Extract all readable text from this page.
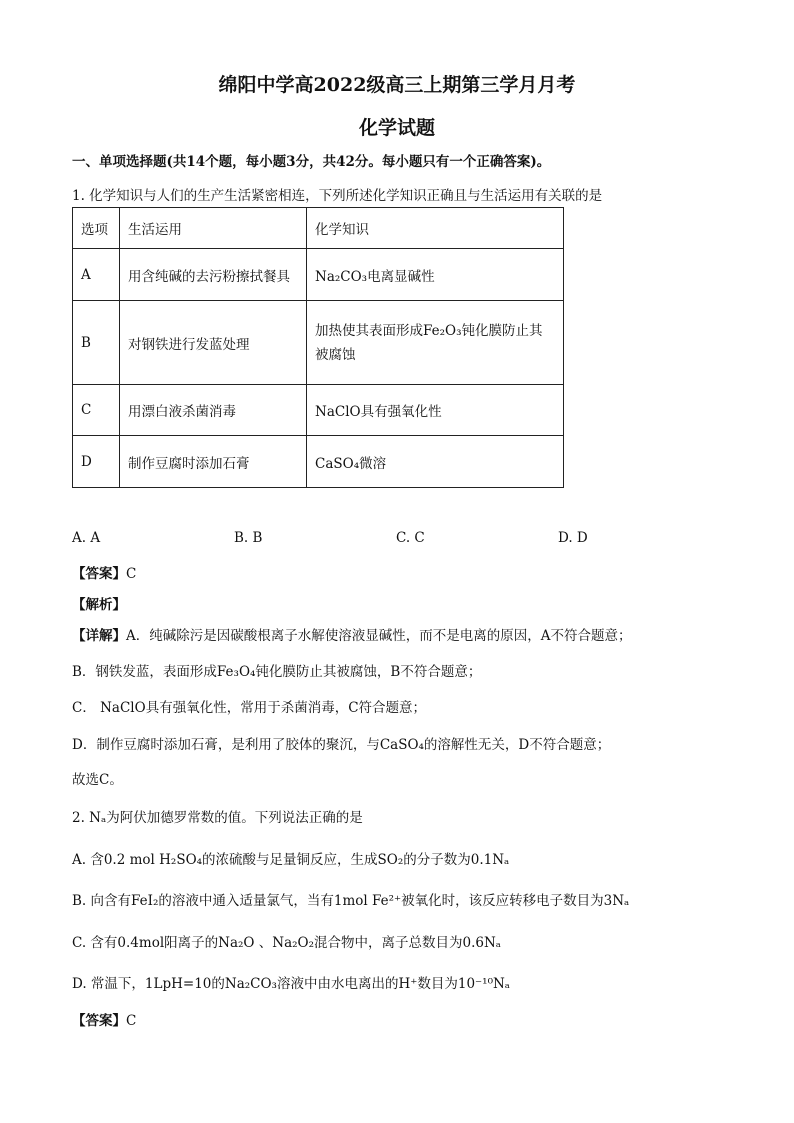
绵阳中学高2022级高三上期第三学月月考
化学试题
一、单项选择题(共14个题，每小题3分，共42分。每小题只有一个正确答案)。
1. 化学知识与人们的生产生活紧密相连，下列所述化学知识正确且与生活运用有关联的是
选项	生活运用	化学知识
A	用含纯碱的去污粉擦拭餐具	Na₂CO₃电离显碱性
B	对钢铁进行发蓝处理	加热使其表面形成Fe₂O₃钝化膜防止其
被腐蚀
C	用漂白液杀菌消毒	NaClO具有强氧化性
D	制作豆腐时添加石膏	CaSO₄微溶
A. A	B. B	C. C	D. D
【答案】C
【解析】
【详解】A．纯碱除污是因碳酸根离子水解使溶液显碱性，而不是电离的原因，A不符合题意；
B．钢铁发蓝，表面形成Fe₃O₄钝化膜防止其被腐蚀，B不符合题意；
C． NaClO具有强氧化性，常用于杀菌消毒，C符合题意；
D．制作豆腐时添加石膏，是利用了胶体的聚沉，与CaSO₄的溶解性无关，D不符合题意；
故选C。
2. Nₐ为阿伏加德罗常数的值。下列说法正确的是
A. 含0.2 mol H₂SO₄的浓硫酸与足量铜反应，生成SO₂的分子数为0.1Nₐ
B. 向含有FeI₂的溶液中通入适量氯气，当有1mol Fe²⁺被氧化时，该反应转移电子数目为3Nₐ
C. 含有0.4mol阳离子的Na₂O 、Na₂O₂混合物中，离子总数目为0.6Nₐ
D. 常温下，1LpH=10的Na₂CO₃溶液中由水电离出的H⁺数目为10⁻¹⁰Nₐ
【答案】C
